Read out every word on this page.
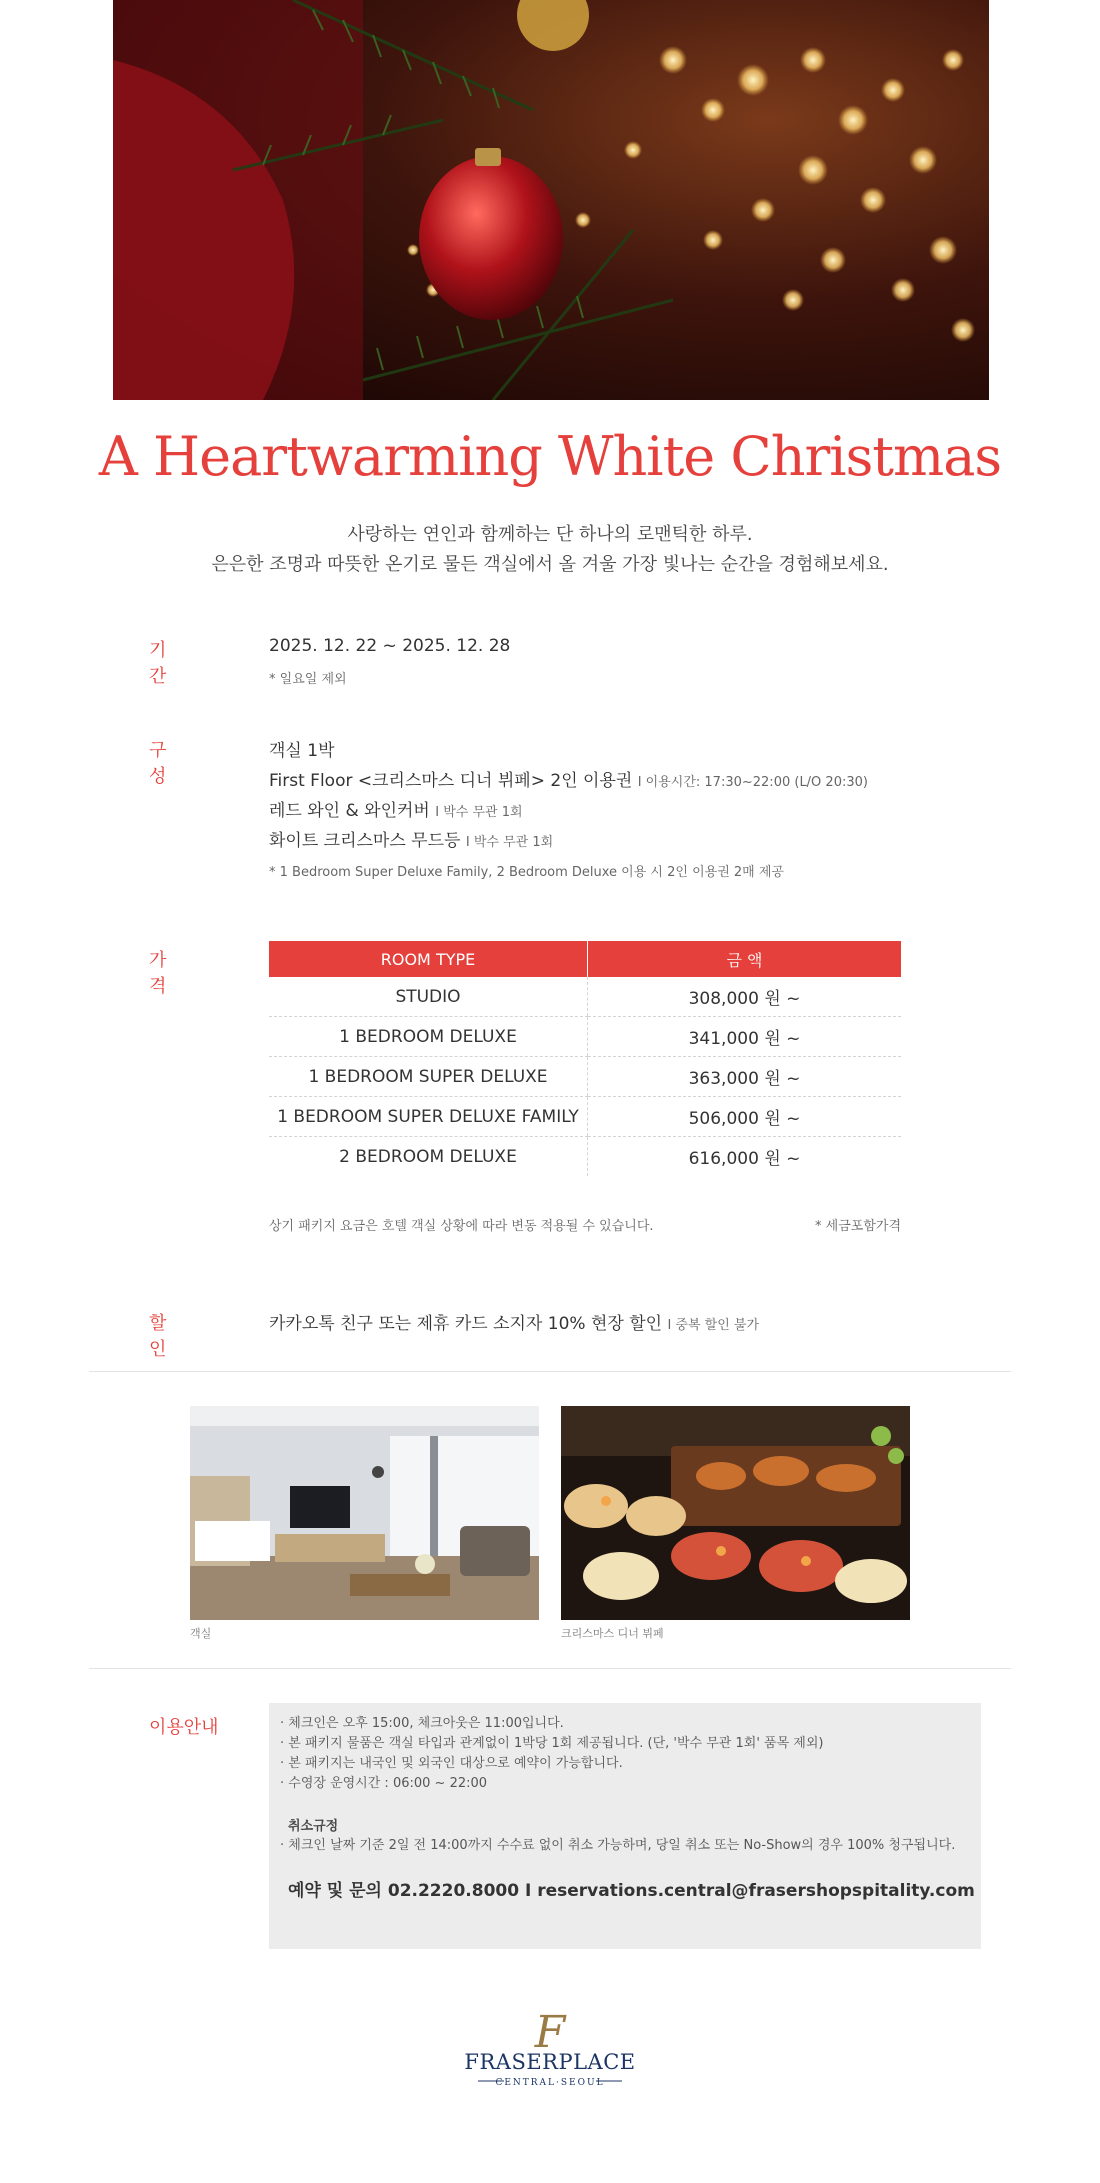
A Heartwarming White Christmas
사랑하는 연인과 함께하는 단 하나의 로맨틱한 하루.
은은한 조명과 따뜻한 온기로 물든 객실에서 올 겨울 가장 빛나는 순간을 경험해보세요.
기 간
2025. 12. 22 ~ 2025. 12. 28
* 일요일 제외
구 성
객실 1박
First Floor <크리스마스 디너 뷔페> 2인 이용권 I 이용시간: 17:30~22:00 (L/O 20:30)
레드 와인 & 와인커버 I 박수 무관 1회
화이트 크리스마스 무드등 I 박수 무관 1회
* 1 Bedroom Super Deluxe Family, 2 Bedroom Deluxe 이용 시 2인 이용권 2매 제공
가 격
ROOM TYPE	금 액
STUDIO	308,000 원 ~
1 BEDROOM DELUXE	341,000 원 ~
1 BEDROOM SUPER DELUXE	363,000 원 ~
1 BEDROOM SUPER DELUXE FAMILY	506,000 원 ~
2 BEDROOM DELUXE	616,000 원 ~
상기 패키지 요금은 호텔 객실 상황에 따라 변동 적용될 수 있습니다.	* 세금포함가격
할 인
카카오톡 친구 또는 제휴 카드 소지자 10% 현장 할인 I 중복 할인 불가
객실	크리스마스 디너 뷔페
이용안내	· 체크인은 오후 15:00, 체크아웃은 11:00입니다.
· 본 패키지 물품은 객실 타입과 관계없이 1박당 1회 제공됩니다. (단, '박수 무관 1회' 품목 제외)
· 본 패키지는 내국인 및 외국인 대상으로 예약이 가능합니다.
· 수영장 운영시간 : 06:00 ~ 22:00
취소규정
· 체크인 날짜 기준 2일 전 14:00까지 수수료 없이 취소 가능하며, 당일 취소 또는 No-Show의 경우 100% 청구됩니다.
예약 및 문의 02.2220.8000 I reservations.central@frasershopspitality.com
F
FRASERPLACE
CENTRAL·SEOUL
